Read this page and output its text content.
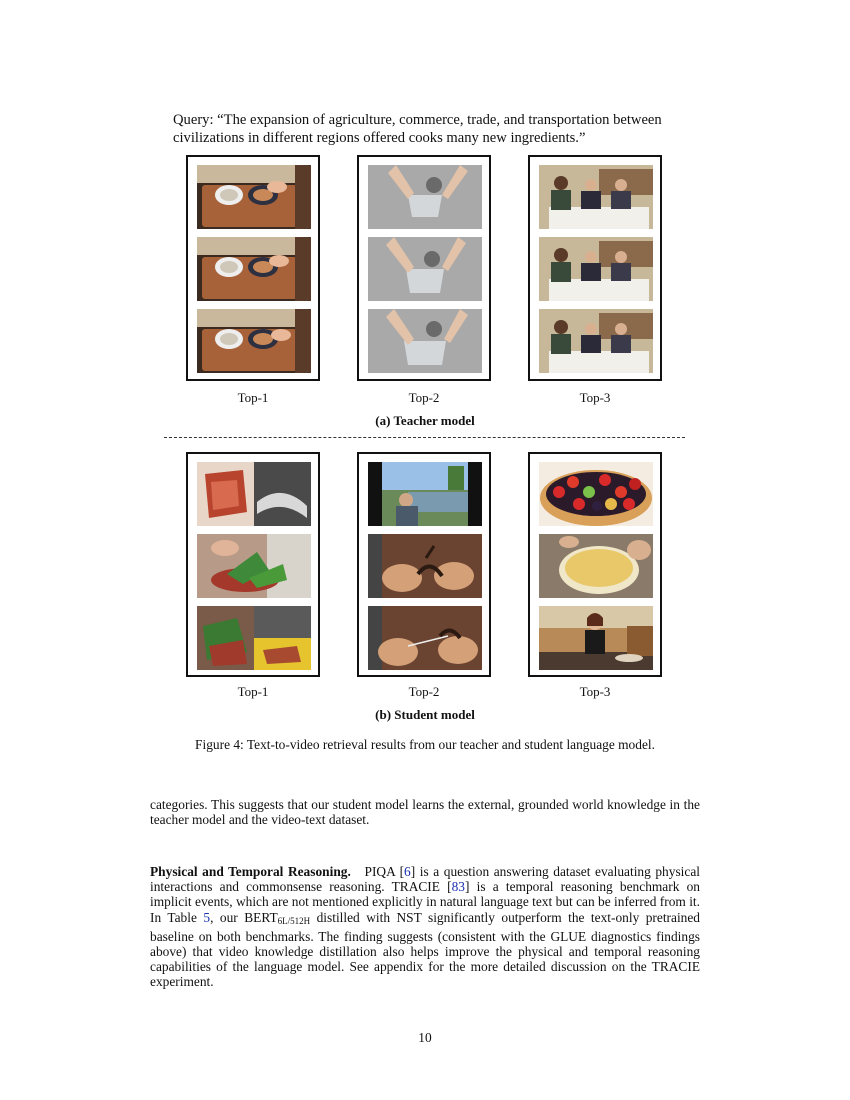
Query: “The expansion of agriculture, commerce, trade, and transportation between civilizations in different regions offered cooks many new ingredients.”
Top-1	Top-2	Top-3
(a) Teacher model
Top-1	Top-2	Top-3
(b) Student model
Figure 4: Text-to-video retrieval results from our teacher and student language model.
categories. This suggests that our student model learns the external, grounded world knowledge in the teacher model and the video-text dataset.
Physical and Temporal Reasoning. PIQA [6] is a question answering dataset evaluating physical interactions and commonsense reasoning. TRACIE [83] is a temporal reasoning benchmark on implicit events, which are not mentioned explicitly in natural language text but can be inferred from it. In Table 5, our $BERT_{6L/512H}$ distilled with NST significantly outperform the text-only pretrained baseline on both benchmarks. The finding suggests (consistent with the GLUE diagnostics findings above) that video knowledge distillation also helps improve the physical and temporal reasoning capabilities of the language model. See appendix for the more detailed discussion on the TRACIE experiment.
10
